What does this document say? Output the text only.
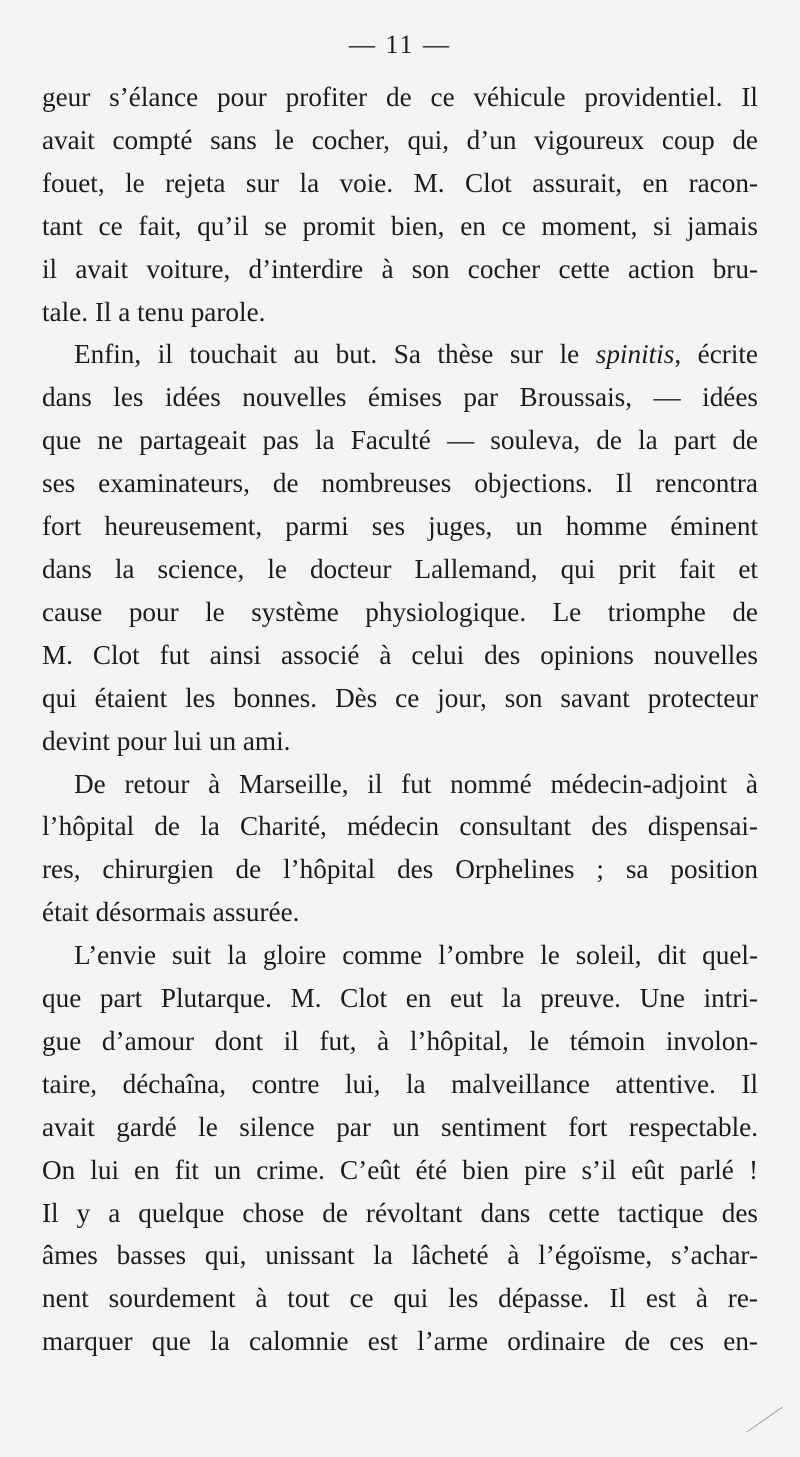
— 11 —
geur s’élance pour profiter de ce véhicule providentiel. Il
avait compté sans le cocher, qui, d’un vigoureux coup de
fouet, le rejeta sur la voie. M. Clot assurait, en racon-
tant ce fait, qu’il se promit bien, en ce moment, si jamais
il avait voiture, d’interdire à son cocher cette action bru-
tale. Il a tenu parole.
Enfin, il touchait au but. Sa thèse sur le spinitis, écrite
dans les idées nouvelles émises par Broussais, — idées
que ne partageait pas la Faculté — souleva, de la part de
ses examinateurs, de nombreuses objections. Il rencontra
fort heureusement, parmi ses juges, un homme éminent
dans la science, le docteur Lallemand, qui prit fait et
cause pour le système physiologique. Le triomphe de
M. Clot fut ainsi associé à celui des opinions nouvelles
qui étaient les bonnes. Dès ce jour, son savant protecteur
devint pour lui un ami.
De retour à Marseille, il fut nommé médecin-adjoint à
l’hôpital de la Charité, médecin consultant des dispensai-
res, chirurgien de l’hôpital des Orphelines ; sa position
était désormais assurée.
L’envie suit la gloire comme l’ombre le soleil, dit quel-
que part Plutarque. M. Clot en eut la preuve. Une intri-
gue d’amour dont il fut, à l’hôpital, le témoin involon-
taire, déchaîna, contre lui, la malveillance attentive. Il
avait gardé le silence par un sentiment fort respectable.
On lui en fit un crime. C’eût été bien pire s’il eût parlé !
Il y a quelque chose de révoltant dans cette tactique des
âmes basses qui, unissant la lâcheté à l’égoïsme, s’achar-
nent sourdement à tout ce qui les dépasse. Il est à re-
marquer que la calomnie est l’arme ordinaire de ces en-
